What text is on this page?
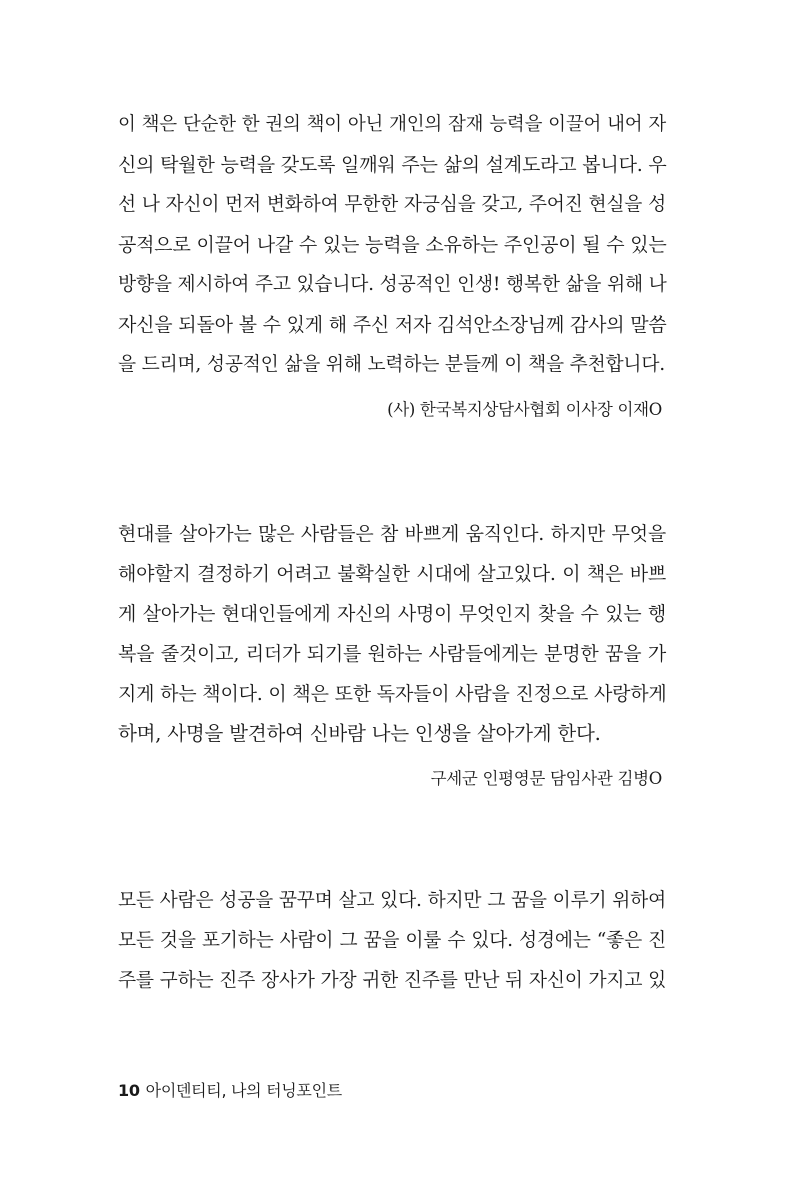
이 책은 단순한 한 권의 책이 아닌 개인의 잠재 능력을 이끌어 내어 자
신의 탁월한 능력을 갖도록 일깨워 주는 삶의 설계도라고 봅니다. 우
선 나 자신이 먼저 변화하여 무한한 자긍심을 갖고, 주어진 현실을 성
공적으로 이끌어 나갈 수 있는 능력을 소유하는 주인공이 될 수 있는
방향을 제시하여 주고 있습니다. 성공적인 인생! 행복한 삶을 위해 나
자신을 되돌아 볼 수 있게 해 주신 저자 김석안소장님께 감사의 말씀
을 드리며, 성공적인 삶을 위해 노력하는 분들께 이 책을 추천합니다.
(사) 한국복지상담사협회 이사장 이재O
현대를 살아가는 많은 사람들은 참 바쁘게 움직인다. 하지만 무엇을
해야할지 결정하기 어려고 불확실한 시대에 살고있다. 이 책은 바쁘
게 살아가는 현대인들에게 자신의 사명이 무엇인지 찾을 수 있는 행
복을 줄것이고, 리더가 되기를 원하는 사람들에게는 분명한 꿈을 가
지게 하는 책이다. 이 책은 또한 독자들이 사람을 진정으로 사랑하게
하며, 사명을 발견하여 신바람 나는 인생을 살아가게 한다.
구세군 인평영문 담임사관 김병O
모든 사람은 성공을 꿈꾸며 살고 있다. 하지만 그 꿈을 이루기 위하여
모든 것을 포기하는 사람이 그 꿈을 이룰 수 있다. 성경에는 “좋은 진
주를 구하는 진주 장사가 가장 귀한 진주를 만난 뒤 자신이 가지고 있
10 아이덴티티, 나의 터닝포인트
